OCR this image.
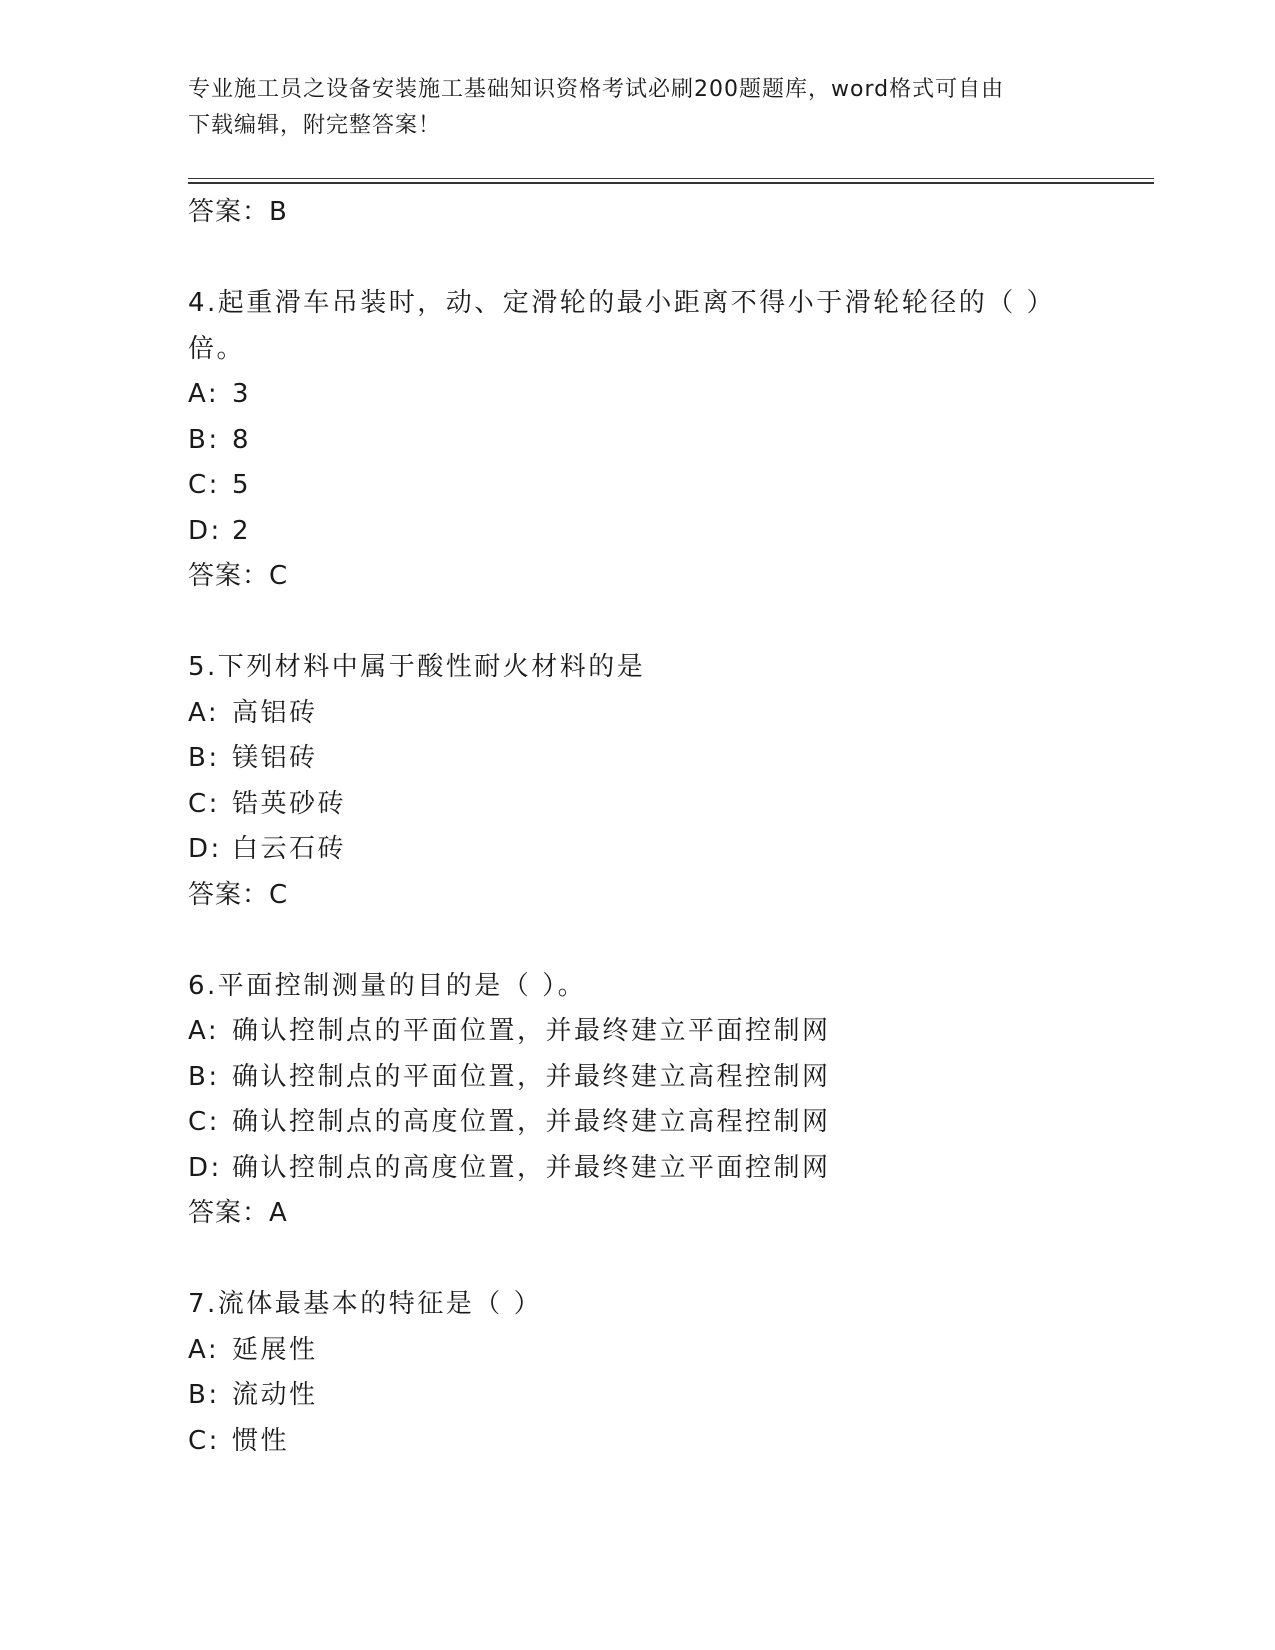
专业施工员之设备安装施工基础知识资格考试必刷200题题库，word格式可自由
下载编辑，附完整答案！
答案：B
4.起重滑车吊装时，动、定滑轮的最小距离不得小于滑轮轮径的（ ）
倍。
A: 3
B: 8
C: 5
D: 2
答案：C
5.下列材料中属于酸性耐火材料的是
A: 高铝砖
B: 镁铝砖
C: 锆英砂砖
D: 白云石砖
答案：C
6.平面控制测量的目的是（ ）。
A: 确认控制点的平面位置，并最终建立平面控制网
B: 确认控制点的平面位置，并最终建立高程控制网
C: 确认控制点的高度位置，并最终建立高程控制网
D: 确认控制点的高度位置，并最终建立平面控制网
答案：A
7.流体最基本的特征是（ ）
A: 延展性
B: 流动性
C: 惯性
